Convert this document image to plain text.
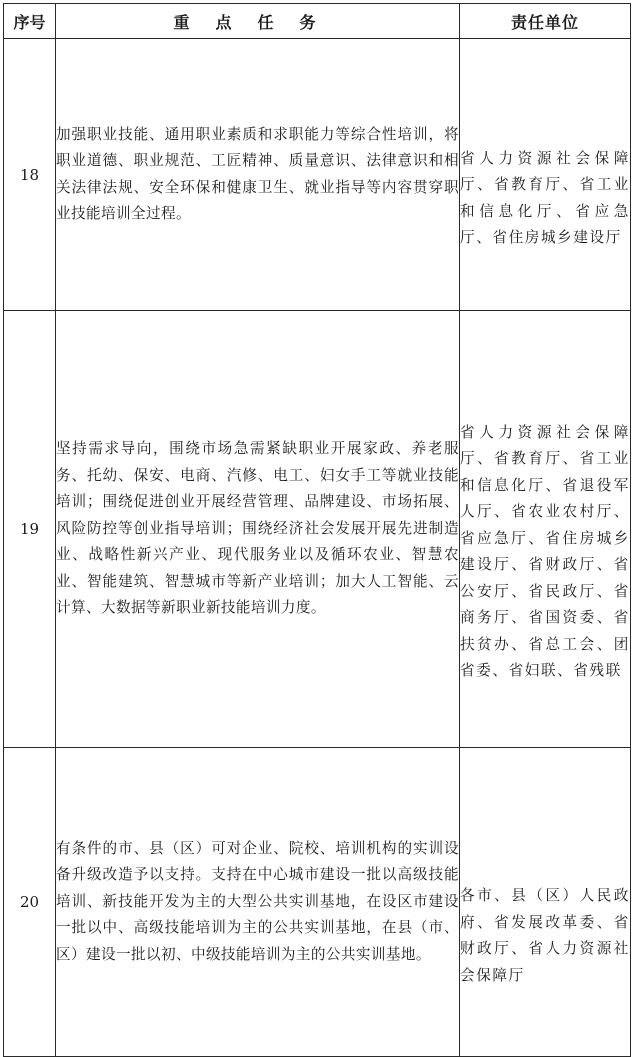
序号	重点任务	责任单位
18	加强职业技能、通用职业素质和求职能力等综合性培训，将职业道德、职业规范、工匠精神、质量意识、法律意识和相关法律法规、安全环保和健康卫生、就业指导等内容贯穿职业技能培训全过程。	省人力资源社会保障厅、省教育厅、省工业和信息化厅、省应急厅、省住房城乡建设厅
19	坚持需求导向，围绕市场急需紧缺职业开展家政、养老服务、托幼、保安、电商、汽修、电工、妇女手工等就业技能培训；围绕促进创业开展经营管理、品牌建设、市场拓展、风险防控等创业指导培训；围绕经济社会发展开展先进制造业、战略性新兴产业、现代服务业以及循环农业、智慧农业、智能建筑、智慧城市等新产业培训；加大人工智能、云计算、大数据等新职业新技能培训力度。	省人力资源社会保障厅、省教育厅、省工业和信息化厅、省退役军人厅、省农业农村厅、省应急厅、省住房城乡建设厅、省财政厅、省公安厅、省民政厅、省商务厅、省国资委、省扶贫办、省总工会、团省委、省妇联、省残联
20	有条件的市、县（区）可对企业、院校、培训机构的实训设备升级改造予以支持。支持在中心城市建设一批以高级技能培训、新技能开发为主的大型公共实训基地，在设区市建设一批以中、高级技能培训为主的公共实训基地，在县（市、区）建设一批以初、中级技能培训为主的公共实训基地。	各市、县（区）人民政府、省发展改革委、省财政厅、省人力资源社会保障厅
